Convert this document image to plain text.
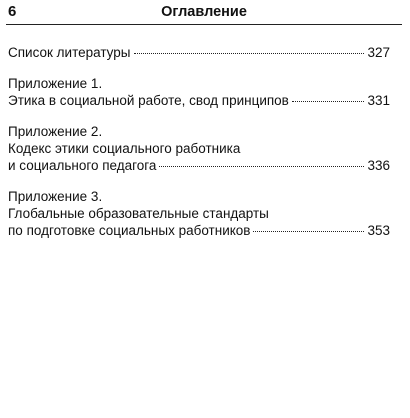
6	Оглавление
Список литературы	327
Приложение 1.
Этика в социальной работе, свод принципов	331
Приложение 2.
Кодекс этики социального работника
и социального педагога	336
Приложение 3.
Глобальные образовательные стандарты
по подготовке социальных работников	353
